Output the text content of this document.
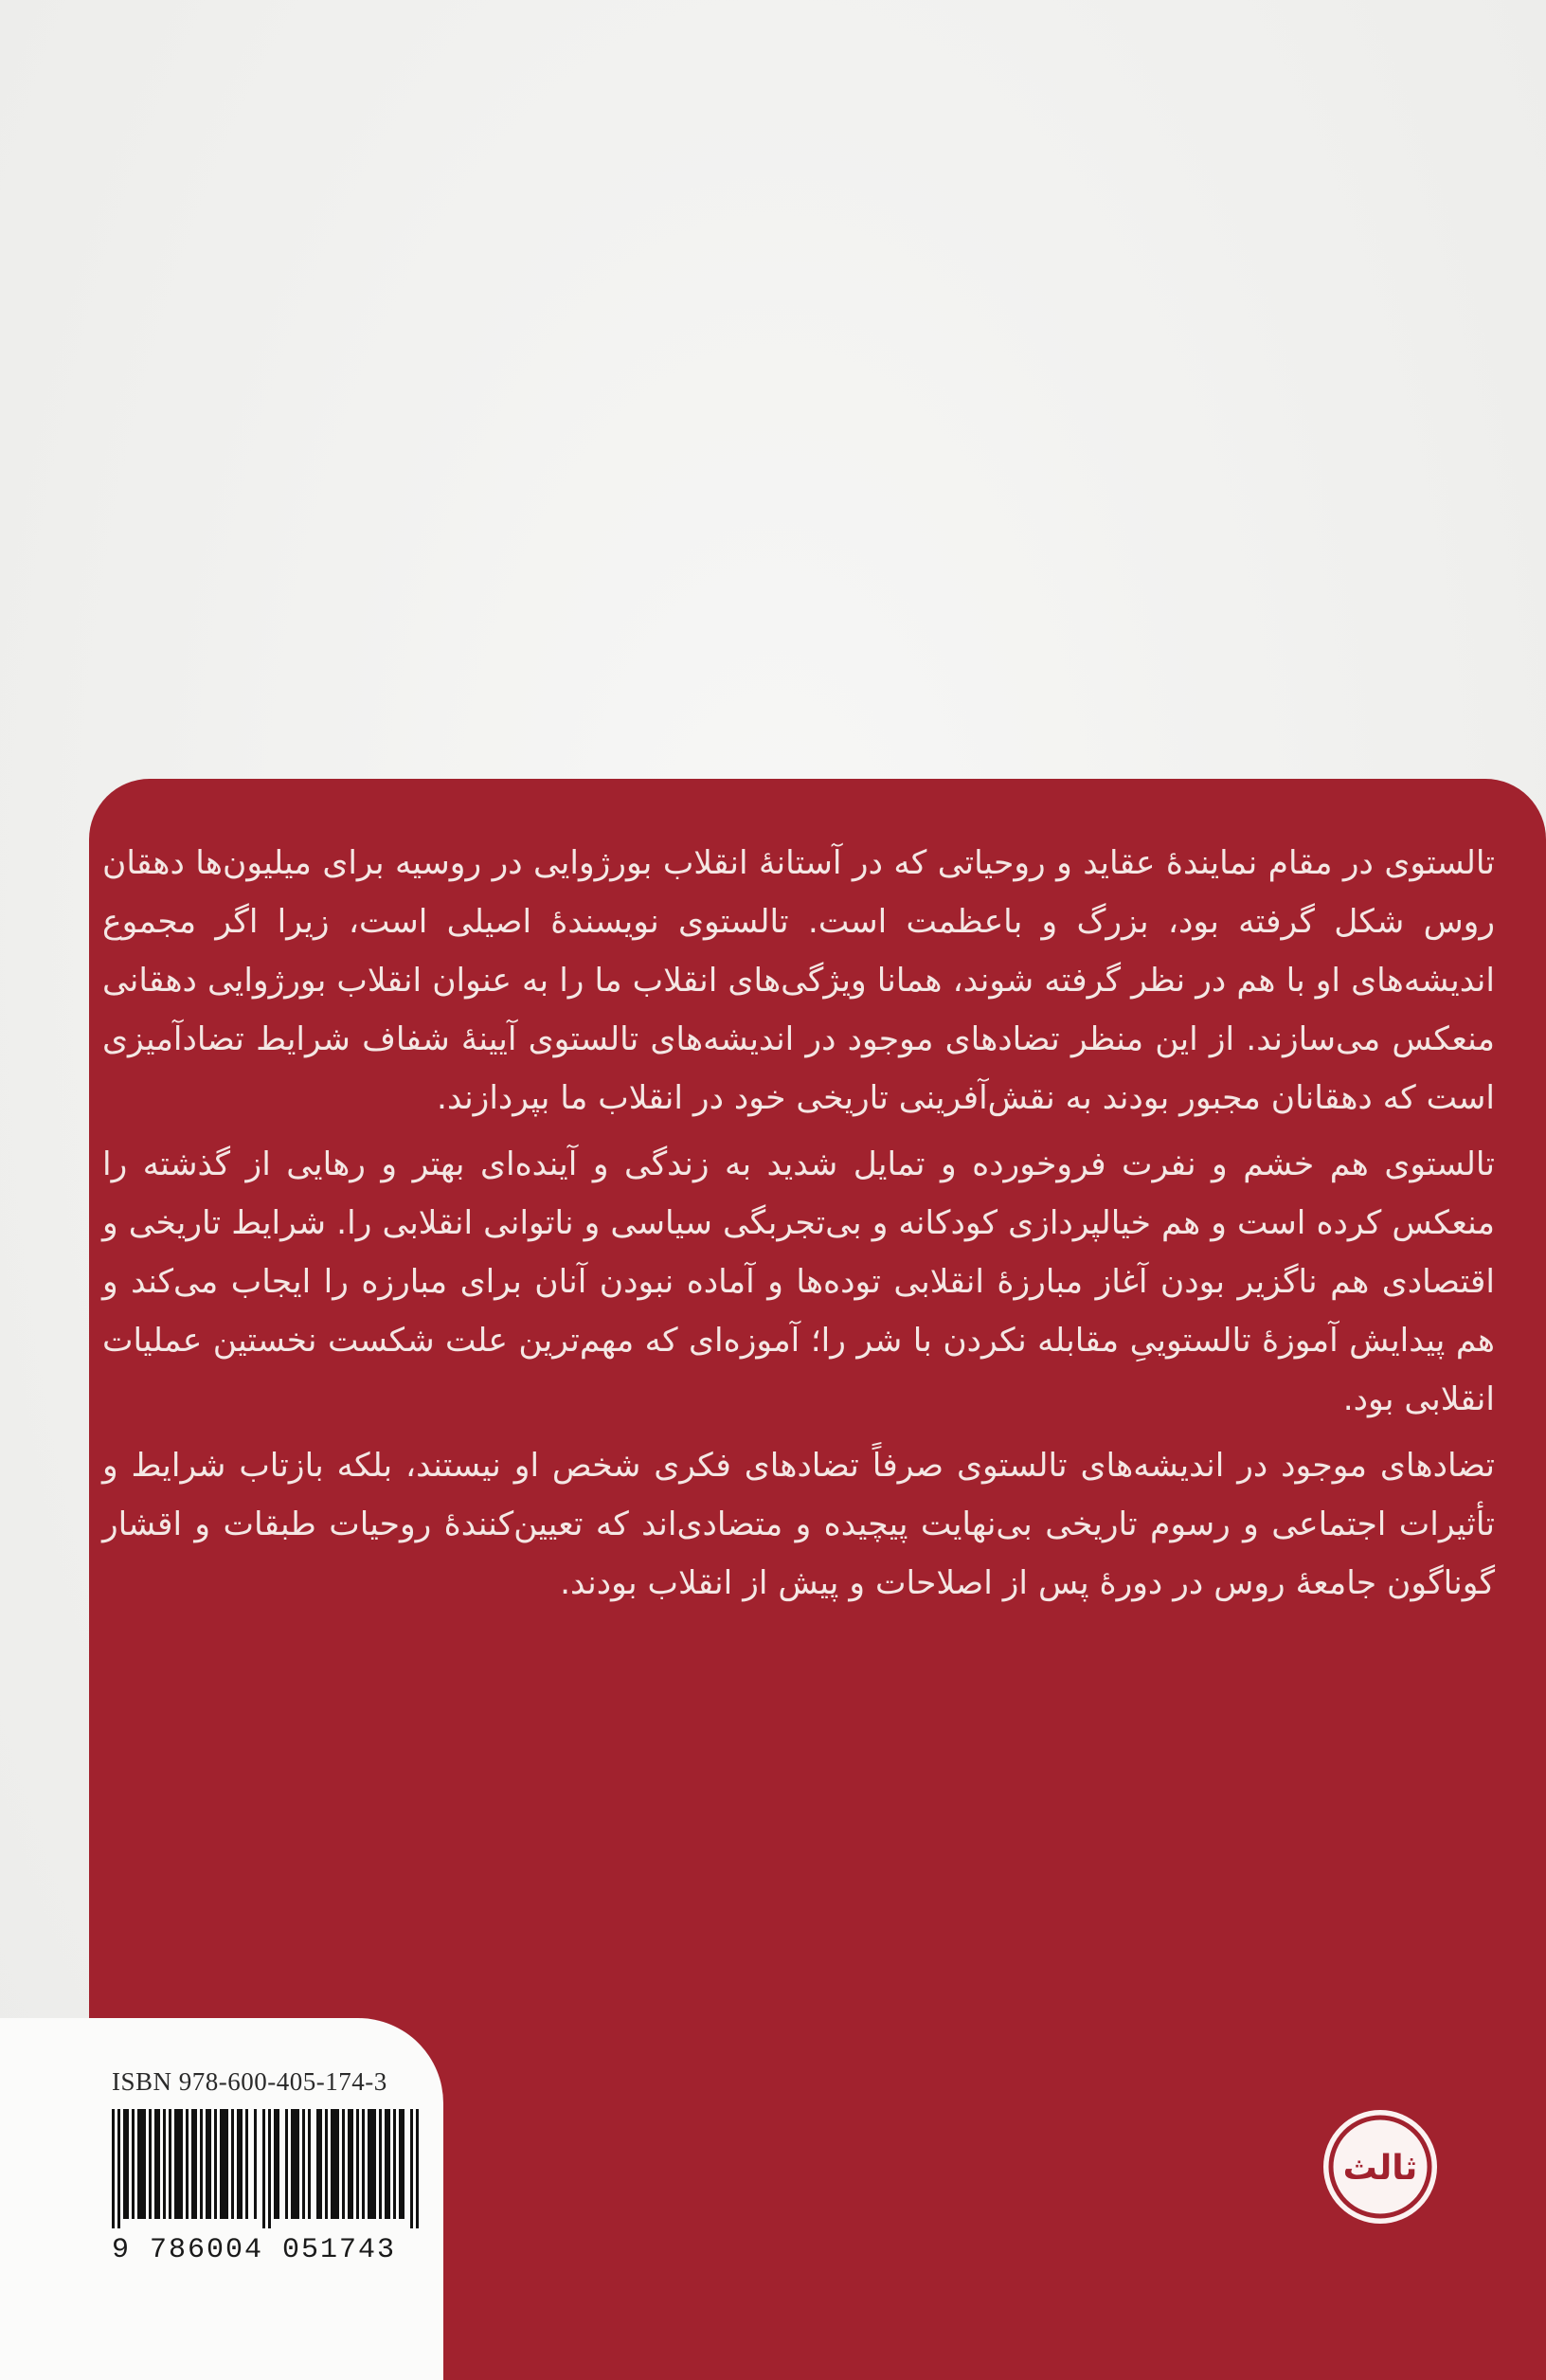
تالستوی در مقام نمایندهٔ عقاید و روحیاتی که در آستانهٔ انقلاب بورژوایی در روسیه برای میلیون‌ها دهقان روس شکل گرفته بود، بزرگ و باعظمت است. تالستوی نویسندهٔ اصیلی است، زیرا اگر مجموع اندیشه‌های او با هم در نظر گرفته شوند، همانا ویژگی‌های انقلاب ما را به عنوان انقلاب بورژوایی دهقانی منعکس می‌سازند. از این منظر تضادهای موجود در اندیشه‌های تالستوی آیینهٔ شفاف شرایط تضادآمیزی است که دهقانان مجبور بودند به نقش‌آفرینی تاریخی خود در انقلاب ما بپردازند.

تالستوی هم خشم و نفرت فروخورده و تمایل شدید به زندگی و آینده‌ای بهتر و رهایی از گذشته را منعکس کرده است و هم خیالپردازی کودکانه و بی‌تجربگی سیاسی و ناتوانی انقلابی را. شرایط تاریخی و اقتصادی هم ناگزیر بودن آغاز مبارزهٔ انقلابی توده‌ها و آماده نبودن آنان برای مبارزه را ایجاب می‌کند و هم پیدایش آموزهٔ تالستوییِ مقابله نکردن با شر را؛ آموزه‌ای که مهم‌ترین علت شکست نخستین عملیات انقلابی بود.

تضادهای موجود در اندیشه‌های تالستوی صرفاً تضادهای فکری شخص او نیستند، بلکه بازتاب شرایط و تأثیرات اجتماعی و رسوم تاریخی بی‌نهایت پیچیده و متضادی‌اند که تعیین‌کنندهٔ روحیات طبقات و اقشار گوناگون جامعهٔ روس در دورهٔ پس از اصلاحات و پیش از انقلاب بودند.

ISBN 978-600-405-174-3
9 786004 051743
ثالث
